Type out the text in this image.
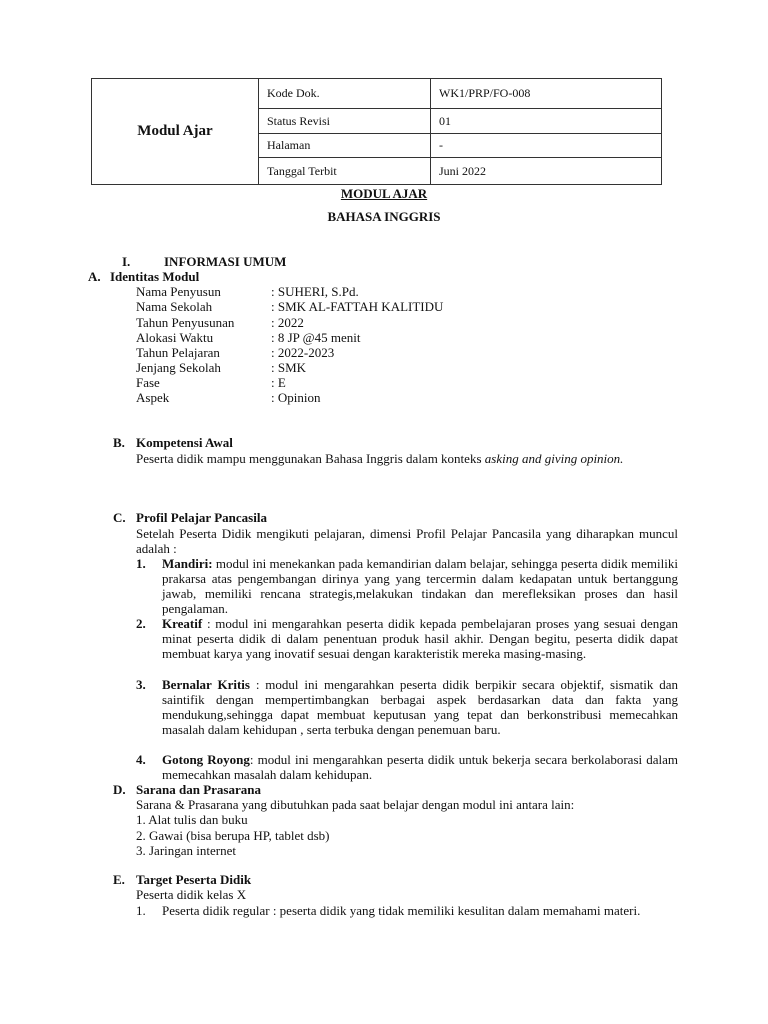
Modul Ajar	Kode Dok.	WK1/PRP/FO-008
	Status Revisi	01
	Halaman	-
	Tanggal Terbit	Juni 2022
MODUL AJAR
BAHASA INGGRIS
I.	INFORMASI UMUM
A. Identitas Modul
Nama Penyusun	: SUHERI, S.Pd.
Nama Sekolah	: SMK AL-FATTAH KALITIDU
Tahun Penyusunan	: 2022
Alokasi Waktu	: 8 JP @45 menit
Tahun Pelajaran	: 2022-2023
Jenjang Sekolah	: SMK
Fase	: E
Aspek	: Opinion
B. Kompetensi Awal
Peserta didik mampu menggunakan Bahasa Inggris dalam konteks asking and giving opinion.
C. Profil Pelajar Pancasila
Setelah Peserta Didik mengikuti pelajaran, dimensi Profil Pelajar Pancasila yang diharapkan muncul adalah :
1. Mandiri: modul ini menekankan pada kemandirian dalam belajar, sehingga peserta didik memiliki prakarsa atas pengembangan dirinya yang yang tercermin dalam kedapatan untuk bertanggung jawab, memiliki rencana strategis,melakukan tindakan dan merefleksikan proses dan hasil pengalaman.
2. Kreatif : modul ini mengarahkan peserta didik kepada pembelajaran proses yang sesuai dengan minat peserta didik di dalam penentuan produk hasil akhir. Dengan begitu, peserta didik dapat membuat karya yang inovatif sesuai dengan karakteristik mereka masing-masing.
3. Bernalar Kritis : modul ini mengarahkan peserta didik berpikir secara objektif, sismatik dan saintifik dengan mempertimbangkan berbagai aspek berdasarkan data dan fakta yang mendukung,sehingga dapat membuat keputusan yang tepat dan berkonstribusi memecahkan masalah dalam kehidupan , serta terbuka dengan penemuan baru.
4. Gotong Royong: modul ini mengarahkan peserta didik untuk bekerja secara berkolaborasi dalam memecahkan masalah dalam kehidupan.
D. Sarana dan Prasarana
Sarana & Prasarana yang dibutuhkan pada saat belajar dengan modul ini antara lain:
1. Alat tulis dan buku
2. Gawai (bisa berupa HP, tablet dsb)
3. Jaringan internet
E. Target Peserta Didik
Peserta didik kelas X
1. Peserta didik regular : peserta didik yang tidak memiliki kesulitan dalam memahami materi.
